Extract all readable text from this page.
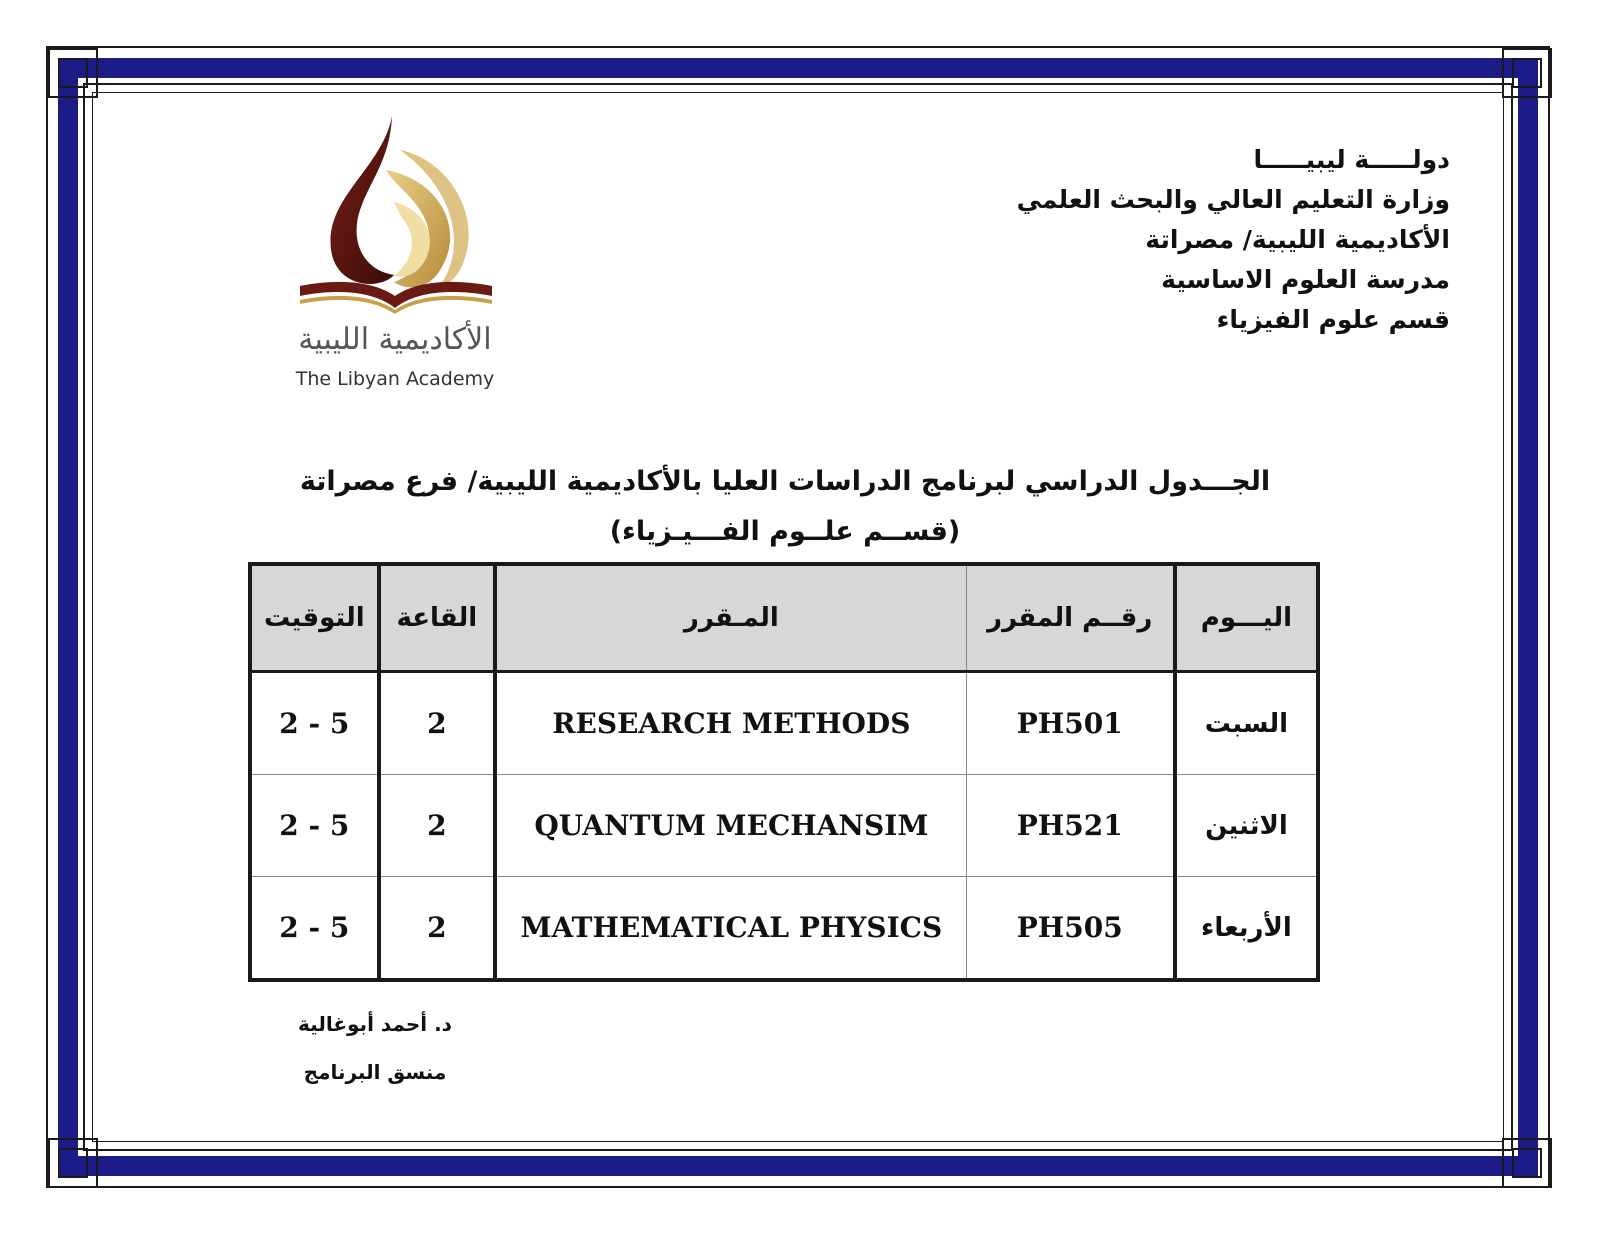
دولـــــة ليبيـــــا
وزارة التعليم العالي والبحث العلمي
الأكاديمية الليبية/ مصراتة
مدرسة العلوم الاساسية
قسم علوم الفيزياء
الأكاديمية الليبية
The Libyan Academy
الجـــدول الدراسي لبرنامج الدراسات العليا بالأكاديمية الليبية/ فرع مصراتة
(قســم علــوم الفـــيـزياء)
اليـــوم	رقــم المقرر	المـقرر	القاعة	التوقيت
السبت	PH501	RESEARCH METHODS	2	5 - 2
الاثنين	PH521	QUANTUM MECHANSIM	2	5 - 2
الأربعاء	PH505	MATHEMATICAL PHYSICS	2	5 - 2
د. أحمد أبوغالية
منسق البرنامج
